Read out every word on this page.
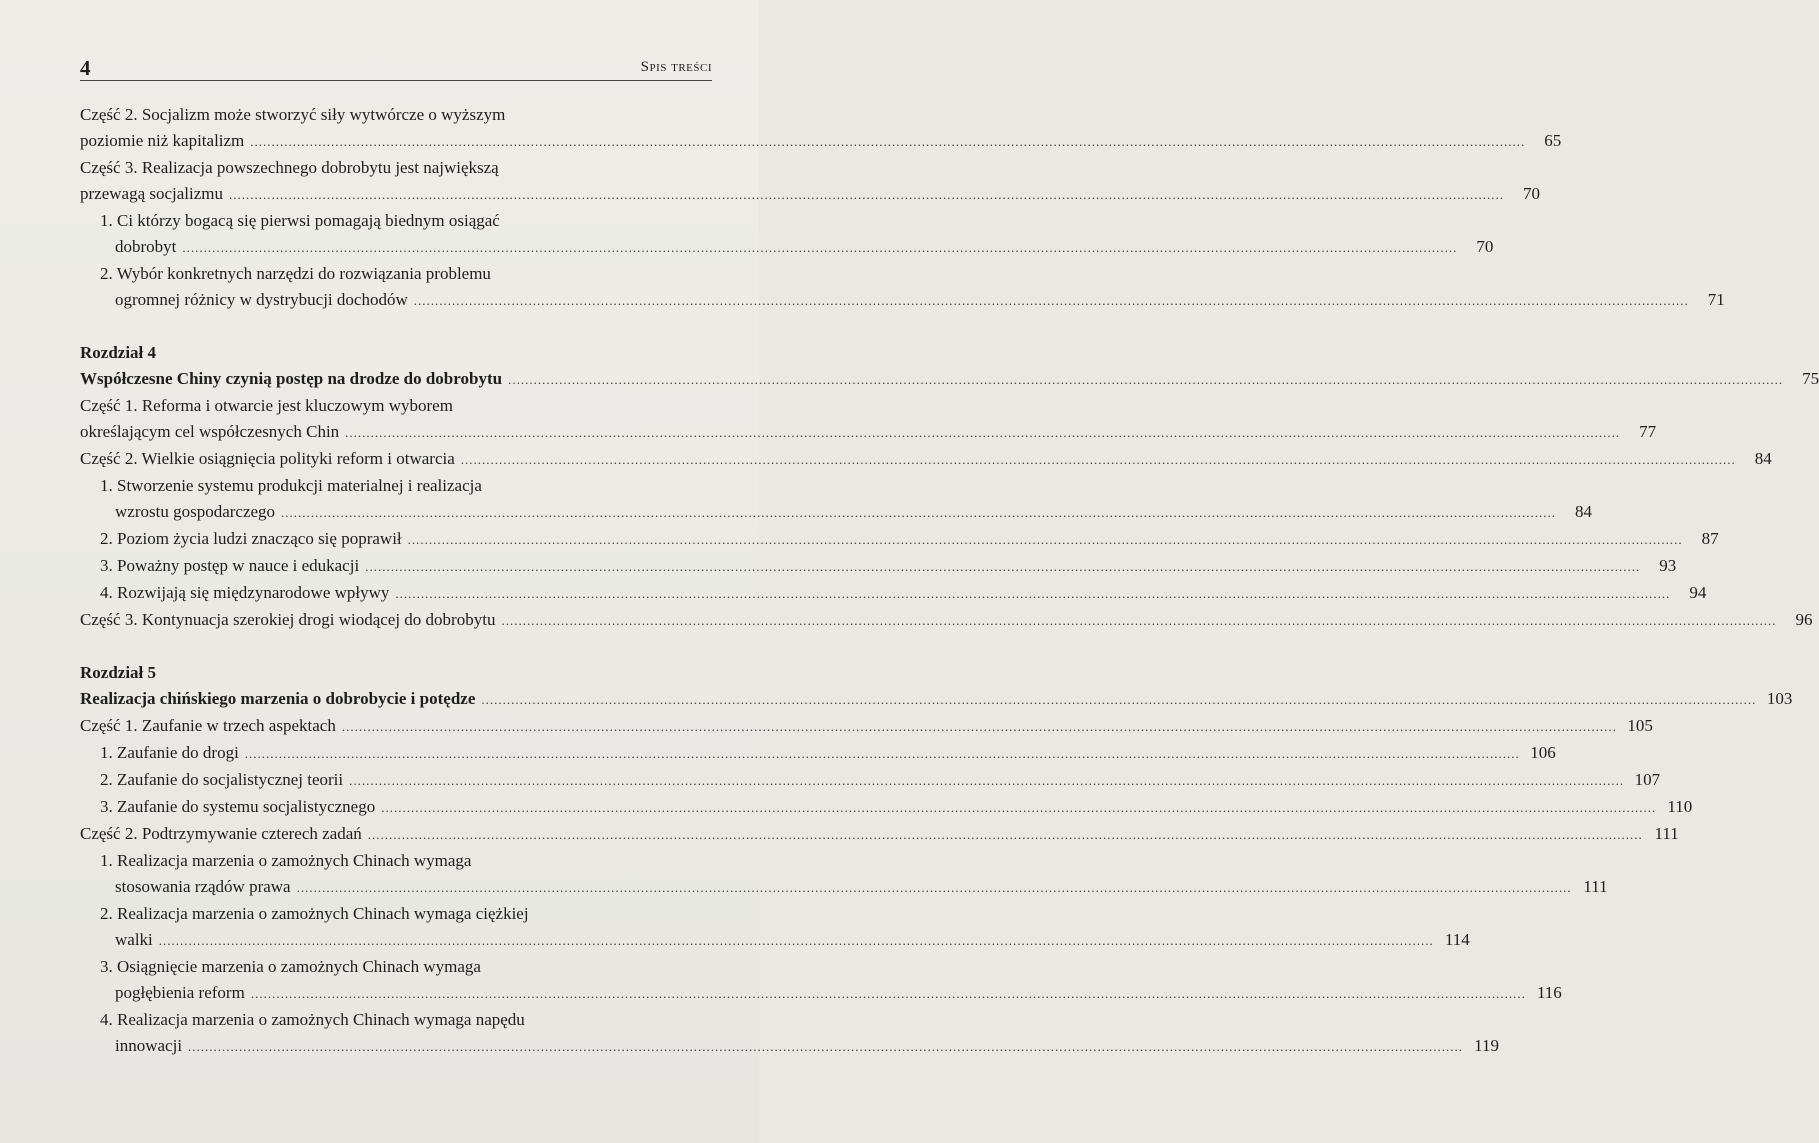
4	Spis treści
Część 2. Socjalizm może stworzyć siły wytwórcze o wyższym
poziomie niż kapitalizm ............................................................................................................................................................................................................................................................................................................	65
Część 3. Realizacja powszechnego dobrobytu jest największą
przewagą socjalizmu ............................................................................................................................................................................................................................................................................................................	70
1. Ci którzy bogacą się pierwsi pomagają biednym osiągać
dobrobyt ............................................................................................................................................................................................................................................................................................................	70
2. Wybór konkretnych narzędzi do rozwiązania problemu
ogromnej różnicy w dystrybucji dochodów ............................................................................................................................................................................................................................................................................................................	71
Rozdział 4
Współczesne Chiny czynią postęp na drodze do dobrobytu ............................................................................................................................................................................................................................................................................................................	75
Część 1. Reforma i otwarcie jest kluczowym wyborem
określającym cel współczesnych Chin ............................................................................................................................................................................................................................................................................................................	77
Część 2. Wielkie osiągnięcia polityki reform i otwarcia ............................................................................................................................................................................................................................................................................................................	84
1. Stworzenie systemu produkcji materialnej i realizacja
wzrostu gospodarczego ............................................................................................................................................................................................................................................................................................................	84
2. Poziom życia ludzi znacząco się poprawił ............................................................................................................................................................................................................................................................................................................	87
3. Poważny postęp w nauce i edukacji ............................................................................................................................................................................................................................................................................................................	93
4. Rozwijają się międzynarodowe wpływy ............................................................................................................................................................................................................................................................................................................	94
Część 3. Kontynuacja szerokiej drogi wiodącej do dobrobytu ............................................................................................................................................................................................................................................................................................................	96
Rozdział 5
Realizacja chińskiego marzenia o dobrobycie i potędze ............................................................................................................................................................................................................................................................................................................ 103
Część 1. Zaufanie w trzech aspektach ............................................................................................................................................................................................................................................................................................................ 105
1. Zaufanie do drogi ............................................................................................................................................................................................................................................................................................................ 106
2. Zaufanie do socjalistycznej teorii ............................................................................................................................................................................................................................................................................................................ 107
3. Zaufanie do systemu socjalistycznego ............................................................................................................................................................................................................................................................................................................ 110
Część 2. Podtrzymywanie czterech zadań ............................................................................................................................................................................................................................................................................................................ 111
1. Realizacja marzenia o zamożnych Chinach wymaga
stosowania rządów prawa ............................................................................................................................................................................................................................................................................................................ 111
2. Realizacja marzenia o zamożnych Chinach wymaga ciężkiej
walki ............................................................................................................................................................................................................................................................................................................ 114
3. Osiągnięcie marzenia o zamożnych Chinach wymaga
pogłębienia reform ............................................................................................................................................................................................................................................................................................................ 116
4. Realizacja marzenia o zamożnych Chinach wymaga napędu
innowacji ............................................................................................................................................................................................................................................................................................................ 119
